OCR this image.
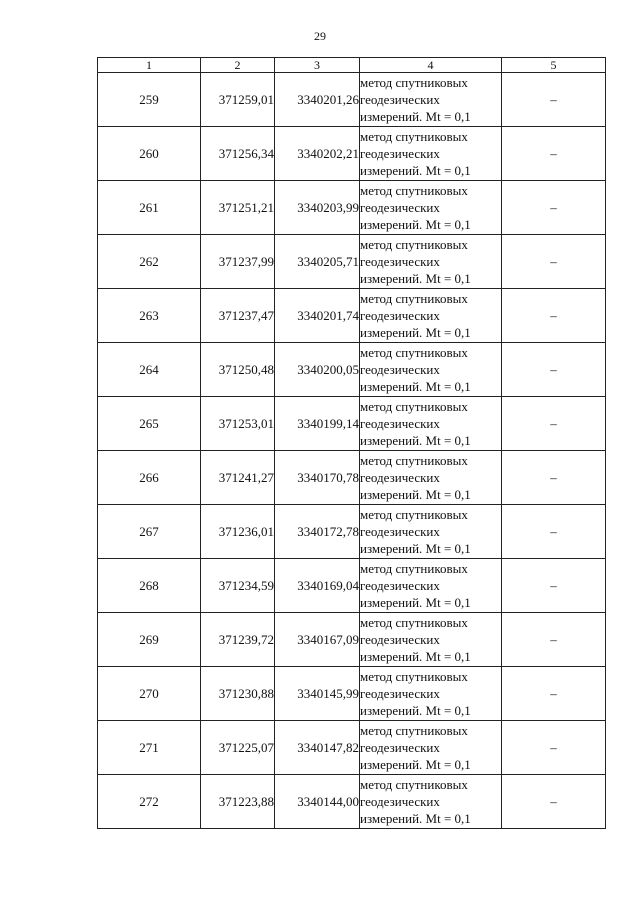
29
1	2	3	4	5
259	371259,01	3340201,26	метод спутниковых
геодезических
измерений. Mt = 0,1	–
260	371256,34	3340202,21	метод спутниковых
геодезических
измерений. Mt = 0,1	–
261	371251,21	3340203,99	метод спутниковых
геодезических
измерений. Mt = 0,1	–
262	371237,99	3340205,71	метод спутниковых
геодезических
измерений. Mt = 0,1	–
263	371237,47	3340201,74	метод спутниковых
геодезических
измерений. Mt = 0,1	–
264	371250,48	3340200,05	метод спутниковых
геодезических
измерений. Mt = 0,1	–
265	371253,01	3340199,14	метод спутниковых
геодезических
измерений. Mt = 0,1	–
266	371241,27	3340170,78	метод спутниковых
геодезических
измерений. Mt = 0,1	–
267	371236,01	3340172,78	метод спутниковых
геодезических
измерений. Mt = 0,1	–
268	371234,59	3340169,04	метод спутниковых
геодезических
измерений. Mt = 0,1	–
269	371239,72	3340167,09	метод спутниковых
геодезических
измерений. Mt = 0,1	–
270	371230,88	3340145,99	метод спутниковых
геодезических
измерений. Mt = 0,1	–
271	371225,07	3340147,82	метод спутниковых
геодезических
измерений. Mt = 0,1	–
272	371223,88	3340144,00	метод спутниковых
геодезических
измерений. Mt = 0,1	–
